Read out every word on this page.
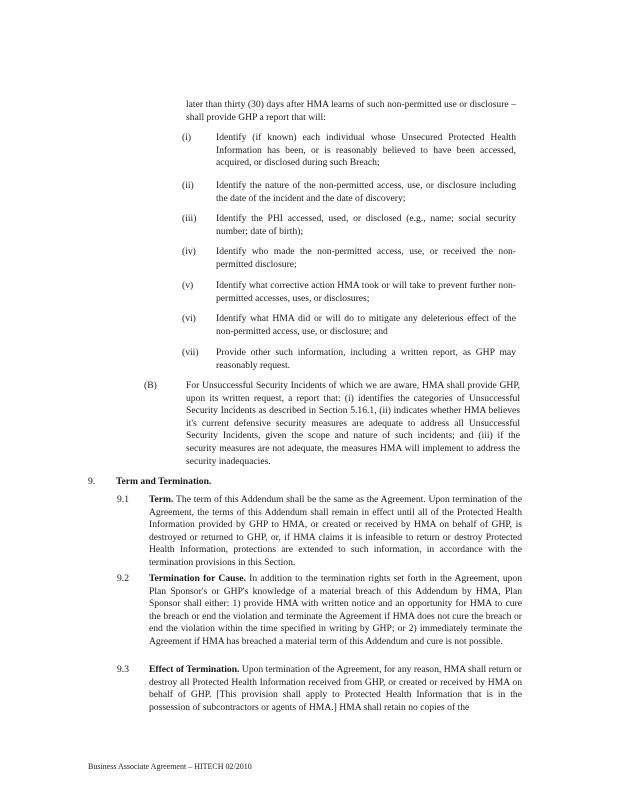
later than thirty (30) days after HMA learns of such non-permitted use or disclosure – shall provide GHP a report that will:
(i)	Identify (if known) each individual whose Unsecured Protected Health Information has been, or is reasonably believed to have been accessed, acquired, or disclosed during such Breach;
(ii)	Identify the nature of the non-permitted access, use, or disclosure including the date of the incident and the date of discovery;
(iii)	Identify the PHI accessed, used, or disclosed (e.g., name; social security number; date of birth);
(iv)	Identify who made the non-permitted access, use, or received the non-permitted disclosure;
(v)	Identify what corrective action HMA took or will take to prevent further non-permitted accesses, uses, or disclosures;
(vi)	Identify what HMA did or will do to mitigate any deleterious effect of the non-permitted access, use, or disclosure; and
(vii)	Provide other such information, including a written report, as GHP may reasonably request.
(B)	For Unsuccessful Security Incidents of which we are aware, HMA shall provide GHP, upon its written request, a report that: (i) identifies the categories of Unsuccessful Security Incidents as described in Section 5.16.1, (ii) indicates whether HMA believes it's current defensive security measures are adequate to address all Unsuccessful Security Incidents, given the scope and nature of such incidents; and (iii) if the security measures are not adequate, the measures HMA will implement to address the security inadequacies.
9. Term and Termination.
9.1	Term. The term of this Addendum shall be the same as the Agreement. Upon termination of the Agreement, the terms of this Addendum shall remain in effect until all of the Protected Health Information provided by GHP to HMA, or created or received by HMA on behalf of GHP, is destroyed or returned to GHP, or, if HMA claims it is infeasible to return or destroy Protected Health Information, protections are extended to such information, in accordance with the termination provisions in this Section.
9.2	Termination for Cause. In addition to the termination rights set forth in the Agreement, upon Plan Sponsor's or GHP's knowledge of a material breach of this Addendum by HMA, Plan Sponsor shall either: 1) provide HMA with written notice and an opportunity for HMA to cure the breach or end the violation and terminate the Agreement if HMA does not cure the breach or end the violation within the time specified in writing by GHP; or 2) immediately terminate the Agreement if HMA has breached a material term of this Addendum and cure is not possible.
9.3	Effect of Termination. Upon termination of the Agreement, for any reason, HMA shall return or destroy all Protected Health Information received from GHP, or created or received by HMA on behalf of GHP. [This provision shall apply to Protected Health Information that is in the possession of subcontractors or agents of HMA.] HMA shall retain no copies of the
Business Associate Agreement – HITECH 02/2010
